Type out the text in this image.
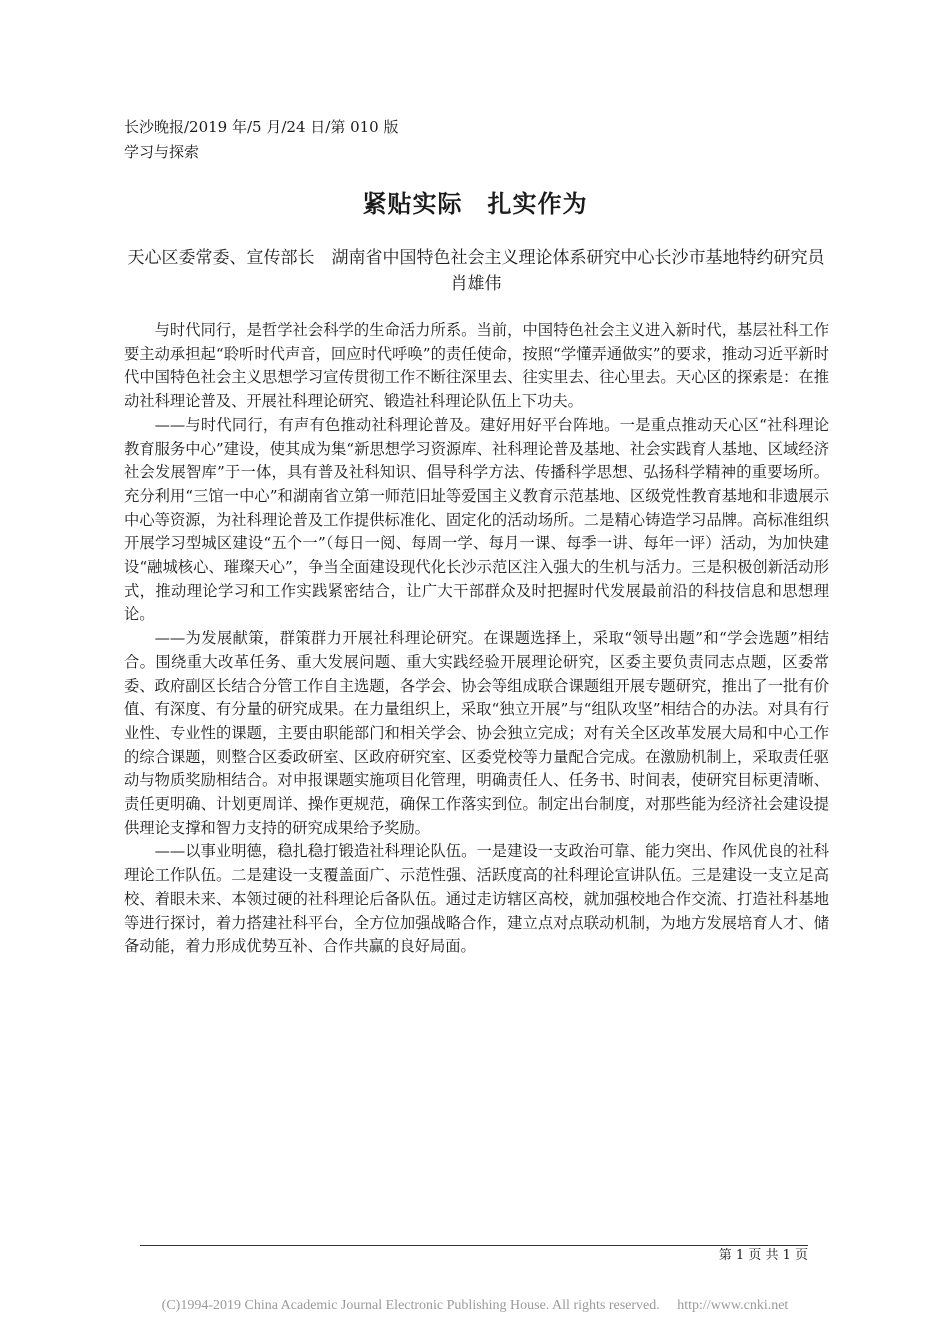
长沙晚报/2019 年/5 月/24 日/第 010 版
学习与探索
紧贴实际　扎实作为
天心区委常委、宣传部长　湖南省中国特色社会主义理论体系研究中心长沙市基地特约研究员　肖雄伟

与时代同行，是哲学社会科学的生命活力所系。当前，中国特色社会主义进入新时代，基层社科工作要主动承担起“聆听时代声音，回应时代呼唤”的责任使命，按照“学懂弄通做实”的要求，推动习近平新时代中国特色社会主义思想学习宣传贯彻工作不断往深里去、往实里去、往心里去。天心区的探索是：在推动社科理论普及、开展社科理论研究、锻造社科理论队伍上下功夫。

——与时代同行，有声有色推动社科理论普及。建好用好平台阵地。一是重点推动天心区“社科理论教育服务中心”建设，使其成为集“新思想学习资源库、社科理论普及基地、社会实践育人基地、区域经济社会发展智库”于一体，具有普及社科知识、倡导科学方法、传播科学思想、弘扬科学精神的重要场所。充分利用“三馆一中心”和湖南省立第一师范旧址等爱国主义教育示范基地、区级党性教育基地和非遗展示中心等资源，为社科理论普及工作提供标准化、固定化的活动场所。二是精心铸造学习品牌。高标准组织开展学习型城区建设“五个一”（每日一阅、每周一学、每月一课、每季一讲、每年一评）活动，为加快建设“融城核心、璀璨天心”，争当全面建设现代化长沙示范区注入强大的生机与活力。三是积极创新活动形式，推动理论学习和工作实践紧密结合，让广大干部群众及时把握时代发展最前沿的科技信息和思想理论。

——为发展献策，群策群力开展社科理论研究。在课题选择上，采取“领导出题”和“学会选题”相结合。围绕重大改革任务、重大发展问题、重大实践经验开展理论研究，区委主要负责同志点题，区委常委、政府副区长结合分管工作自主选题，各学会、协会等组成联合课题组开展专题研究，推出了一批有价值、有深度、有分量的研究成果。在力量组织上，采取“独立开展”与“组队攻坚”相结合的办法。对具有行业性、专业性的课题，主要由职能部门和相关学会、协会独立完成；对有关全区改革发展大局和中心工作的综合课题，则整合区委政研室、区政府研究室、区委党校等力量配合完成。在激励机制上，采取责任驱动与物质奖励相结合。对申报课题实施项目化管理，明确责任人、任务书、时间表，使研究目标更清晰、责任更明确、计划更周详、操作更规范，确保工作落实到位。制定出台制度，对那些能为经济社会建设提供理论支撑和智力支持的研究成果给予奖励。

——以事业明德，稳扎稳打锻造社科理论队伍。一是建设一支政治可靠、能力突出、作风优良的社科理论工作队伍。二是建设一支覆盖面广、示范性强、活跃度高的社科理论宣讲队伍。三是建设一支立足高校、着眼未来、本领过硬的社科理论后备队伍。通过走访辖区高校，就加强校地合作交流、打造社科基地等进行探讨，着力搭建社科平台，全方位加强战略合作，建立点对点联动机制，为地方发展培育人才、储备动能，着力形成优势互补、合作共赢的良好局面。

第 1 页 共 1 页
(C)1994-2019 China Academic Journal Electronic Publishing House. All rights reserved.     http://www.cnki.net
